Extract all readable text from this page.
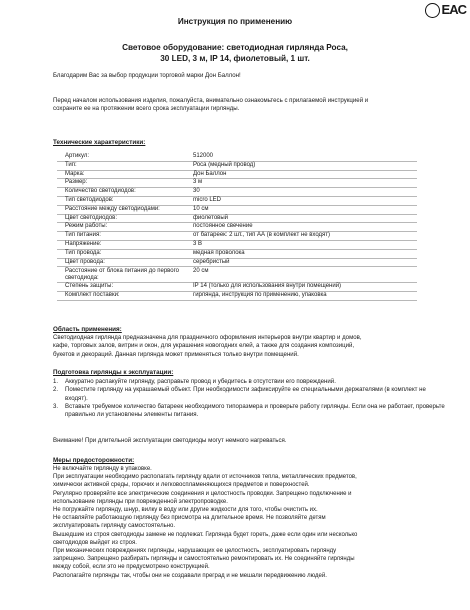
EAC
Инструкция по применению
Световое оборудование: светодиодная гирлянда Роса,
30 LED, 3 м, IP 14, фиолетовый, 1 шт.
Благодарим Вас за выбор продукции торговой марки Дон Баллон!
Перед началом использования изделия, пожалуйста, внимательно ознакомьтесь с прилагаемой инструкцией и
сохраните ее на протяжении всего срока эксплуатации гирлянды.
Технические характеристики:
Артикул:	512000
Тип:	Роса (медный провод)
Марка:	Дон Баллон
Размер:	3 м
Количество светодиодов:	30
Тип светодиодов:	micro LED
Расстояние между светодиодами:	10 см
Цвет светодиодов:	фиолетовый
Режим работы:	постоянное свечение
Тип питания:	от батареек: 2 шт., тип АА (в комплект не входят)
Напряжение:	3 В
Тип провода:	медная проволока
Цвет провода:	серебристый
Расстояние от блока питания до первого светодиода:
20 см
Степень защиты:	IP 14 (только для использования внутри помещений)
Комплект поставки:	гирлянда, инструкция по применению, упаковка
Область применения:
Светодиодная гирлянда предназначена для праздничного оформления интерьеров внутри квартир и домов,
кафе, торговых залов, витрин и окон, для украшения новогодних елей, а также для создания композиций,
букетов и декораций. Данная гирлянда может применяться только внутри помещений.
Подготовка гирлянды к эксплуатации:
1.	Аккуратно распакуйте гирлянду, расправьте провод и убедитесь в отсутствии его повреждений.
2.	Поместите гирлянду на украшаемый объект. При необходимости зафиксируйте ее специальными держателями (в комплект не входят).
3.	Вставьте требуемое количество батареек необходимого типоразмера и проверьте работу гирлянды. Если она не работает, проверьте правильно ли установлены элементы питания.
Внимание! При длительной эксплуатации светодиоды могут немного нагреваться.
Меры предосторожности:
Не включайте гирлянду в упаковке.
При эксплуатации необходимо располагать гирлянду вдали от источников тепла, металлических предметов,
химически активной среды, горючих и легковоспламеняющихся предметов и поверхностей.
Регулярно проверяйте все электрические соединения и целостность проводки. Запрещено подключение и
использование гирлянды при поврежденной электропроводке.
Не погружайте гирлянду, шнур, вилку в воду или другие жидкости для того, чтобы очистить их.
Не оставляйте работающую гирлянду без присмотра на длительное время. Не позволяйте детям
эксплуатировать гирлянду самостоятельно.
Вышедшие из строя светодиоды замене не подлежат. Гирлянда будет гореть, даже если один или несколько
светодиодов выйдет из строя.
При механических повреждениях гирлянды, нарушающих ее целостность, эксплуатировать гирлянду
запрещено. Запрещено разбирать гирлянды и самостоятельно ремонтировать их. Не соединяйте гирлянды
между собой, если это не предусмотрено конструкцией.
Располагайте гирлянды так, чтобы они не создавали преград и не мешали передвижению людей.
